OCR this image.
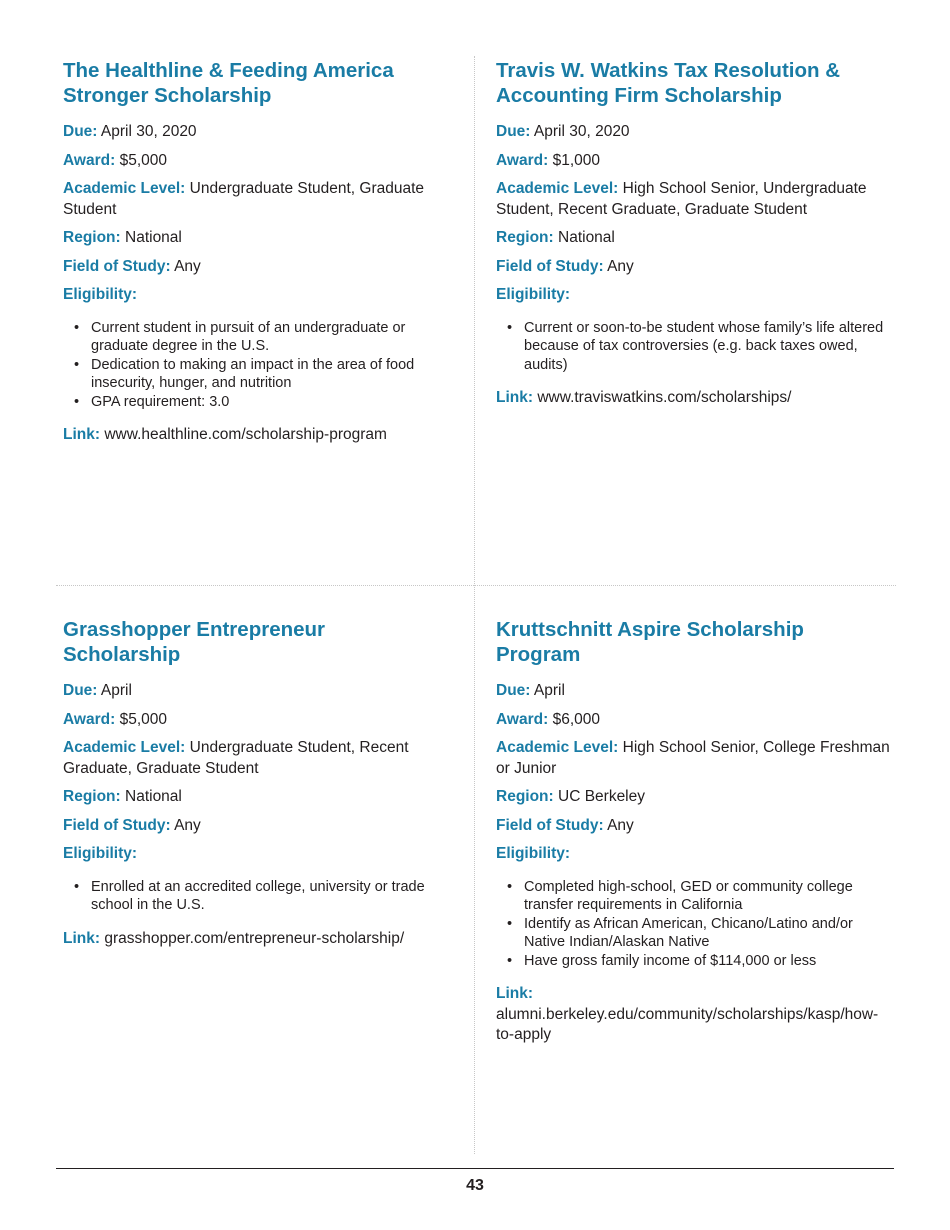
The Healthline & Feeding America Stronger Scholarship

Due: April 30, 2020

Award: $5,000

Academic Level: Undergraduate Student, Graduate Student

Region: National

Field of Study: Any

Eligibility:

• Current student in pursuit of an undergraduate or graduate degree in the U.S.
• Dedication to making an impact in the area of food insecurity, hunger, and nutrition
• GPA requirement: 3.0

Link: www.healthline.com/scholarship-program

Travis W. Watkins Tax Resolution & Accounting Firm Scholarship

Due: April 30, 2020

Award: $1,000

Academic Level: High School Senior, Undergraduate Student, Recent Graduate, Graduate Student

Region: National

Field of Study: Any

Eligibility:

• Current or soon-to-be student whose family’s life altered because of tax controversies (e.g. back taxes owed, audits)

Link: www.traviswatkins.com/scholarships/

Grasshopper Entrepreneur Scholarship

Due: April

Award: $5,000

Academic Level: Undergraduate Student, Recent Graduate, Graduate Student

Region: National

Field of Study: Any

Eligibility:

• Enrolled at an accredited college, university or trade school in the U.S.

Link: grasshopper.com/entrepreneur-scholarship/

Kruttschnitt Aspire Scholarship Program

Due: April

Award: $6,000

Academic Level: High School Senior, College Freshman or Junior

Region: UC Berkeley

Field of Study: Any

Eligibility:

• Completed high-school, GED or community college transfer requirements in California
• Identify as African American, Chicano/Latino and/or Native Indian/Alaskan Native
• Have gross family income of $114,000 or less

Link: alumni.berkeley.edu/community/scholarships/kasp/how-to-apply

43
